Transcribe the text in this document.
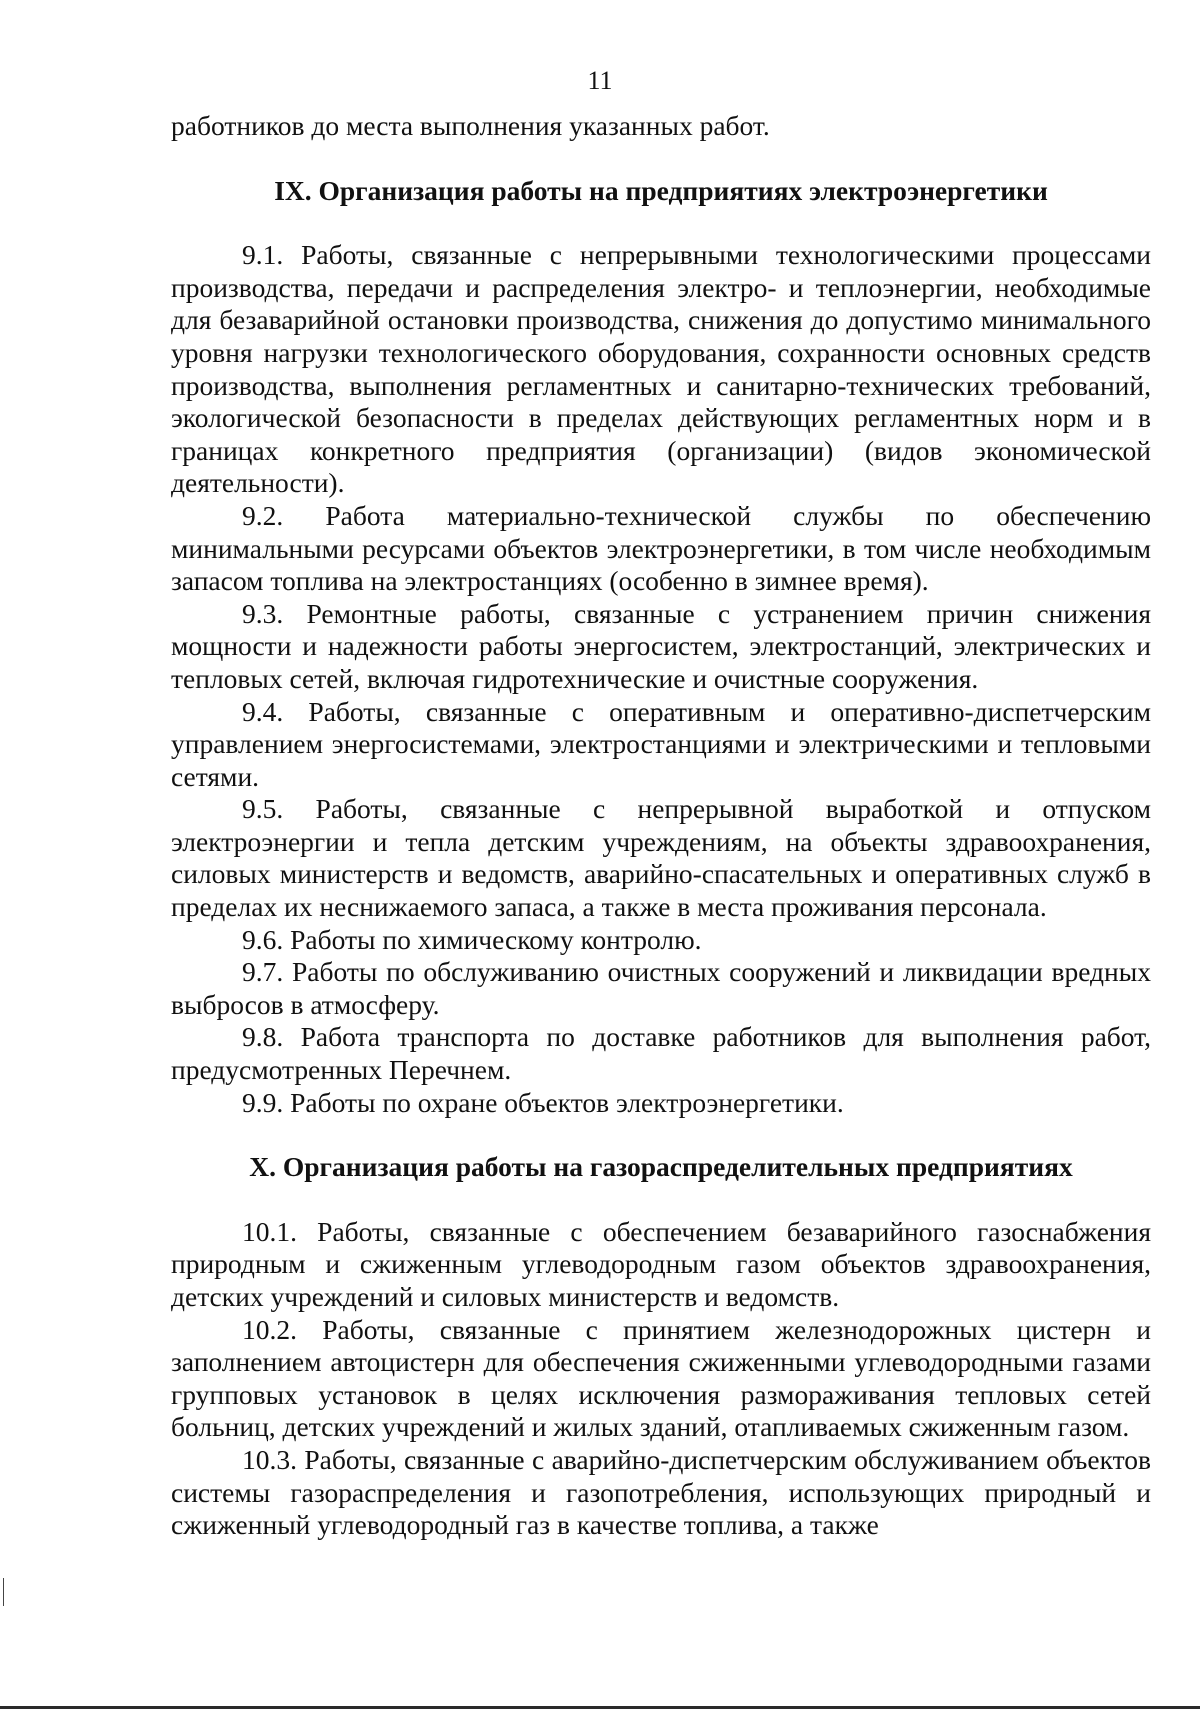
11

работников до места выполнения указанных работ.

IX. Организация работы на предприятиях электроэнергетики

9.1. Работы, связанные с непрерывными технологическими процессами производства, передачи и распределения электро- и теплоэнергии, необходимые для безаварийной остановки производства, снижения до допустимо минимального уровня нагрузки технологического оборудования, сохранности основных средств производства, выполнения регламентных и санитарно-технических требований, экологической безопасности в пределах действующих регламентных норм и в границах конкретного предприятия (организации) (видов экономической деятельности).

9.2. Работа материально-технической службы по обеспечению минимальными ресурсами объектов электроэнергетики, в том числе необходимым запасом топлива на электростанциях (особенно в зимнее время).

9.3. Ремонтные работы, связанные с устранением причин снижения мощности и надежности работы энергосистем, электростанций, электрических и тепловых сетей, включая гидротехнические и очистные сооружения.

9.4. Работы, связанные с оперативным и оперативно-диспетчерским управлением энергосистемами, электростанциями и электрическими и тепловыми сетями.

9.5. Работы, связанные с непрерывной выработкой и отпуском электроэнергии и тепла детским учреждениям, на объекты здравоохранения, силовых министерств и ведомств, аварийно-спасательных и оперативных служб в пределах их неснижаемого запаса, а также в места проживания персонала.

9.6. Работы по химическому контролю.

9.7. Работы по обслуживанию очистных сооружений и ликвидации вредных выбросов в атмосферу.

9.8. Работа транспорта по доставке работников для выполнения работ, предусмотренных Перечнем.

9.9. Работы по охране объектов электроэнергетики.

X. Организация работы на газораспределительных предприятиях

10.1. Работы, связанные с обеспечением безаварийного газоснабжения природным и сжиженным углеводородным газом объектов здравоохранения, детских учреждений и силовых министерств и ведомств.

10.2. Работы, связанные с принятием железнодорожных цистерн и заполнением автоцистерн для обеспечения сжиженными углеводородными газами групповых установок в целях исключения размораживания тепловых сетей больниц, детских учреждений и жилых зданий, отапливаемых сжиженным газом.

10.3. Работы, связанные с аварийно-диспетчерским обслуживанием объектов системы газораспределения и газопотребления, использующих природный и сжиженный углеводородный газ в качестве топлива, а также
